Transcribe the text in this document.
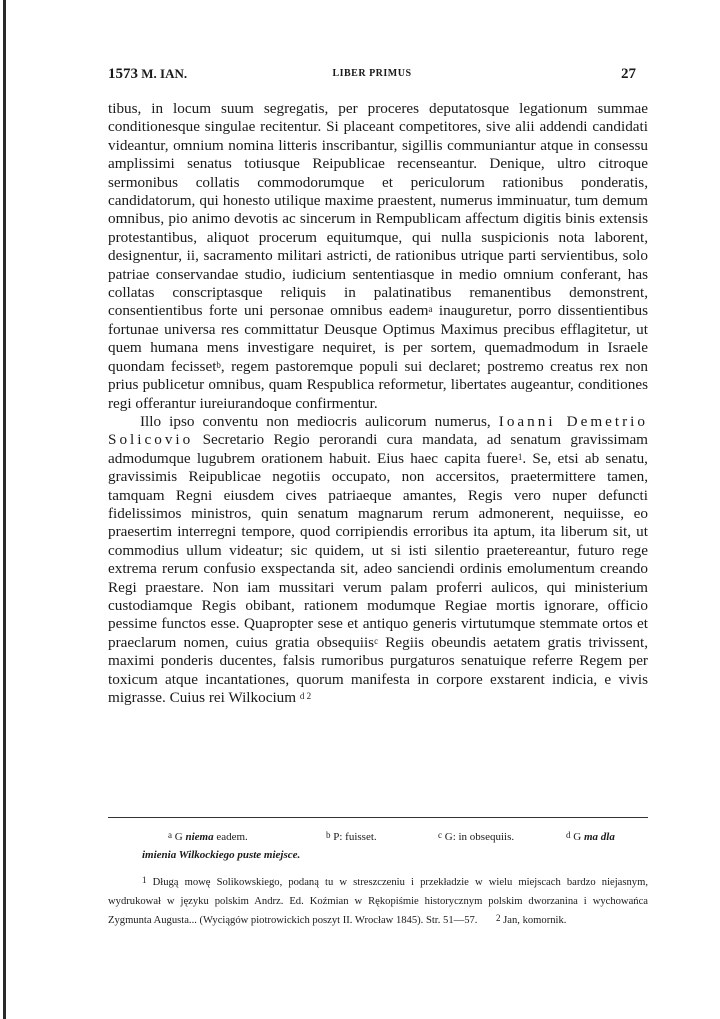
1573 M. IAN.	LIBER PRIMUS	27

tibus, in locum suum segregatis, per proceres deputatosque legationum summae conditionesque singulae recitentur. Si placeant competitores, sive alii addendi candidati videantur, omnium nomina litteris inscribantur, sigillis communiantur atque in consessu amplissimi senatus totiusque Reipublicae recenseantur. Denique, ultro citroque sermonibus collatis commodorumque et periculorum rationibus ponderatis, candidatorum, qui honesto utilique maxime praestent, numerus imminuatur, tum demum omnibus, pio animo devotis ac sincerum in Rempublicam affectum digitis binis extensis protestantibus, aliquot procerum equitumque, qui nulla suspicionis nota laborent, designentur, ii, sacramento militari astricti, de rationibus utrique parti servientibus, solo patriae conservandae studio, iudicium sententiasque in medio omnium conferant, has collatas conscriptasque reliquis in palatinatibus remanentibus demonstrent, consentientibus forte uni personae omnibus eadem$^a$ inauguretur, porro dissentientibus fortunae universa res committatur Deusque Optimus Maximus precibus efflagitetur, ut quem humana mens investigare nequiret, is per sortem, quemadmodum in Israele quondam fecisset$^b$, regem pastoremque populi sui declaret; postremo creatus rex non prius publicetur omnibus, quam Respublica reformetur, libertates augeantur, conditiones regi offerantur iureiurandoque confirmentur.

Illo ipso conventu non mediocris aulicorum numerus, Ioanni Demetrio Solicovio Secretario Regio perorandi cura mandata, ad senatum gravissimam admodumque lugubrem orationem habuit. Eius haec capita fuere$^1$. Se, etsi ab senatu, gravissimis Reipublicae negotiis occupato, non accersitos, praetermittere tamen, tamquam Regni eiusdem cives patriaeque amantes, Regis vero nuper defuncti fidelissimos ministros, quin senatum magnarum rerum admonerent, nequiisse, eo praesertim interregni tempore, quod corripiendis erroribus ita aptum, ita liberum sit, ut commodius ullum videatur; sic quidem, ut si isti silentio praetereantur, futuro rege extrema rerum confusio exspectanda sit, adeo sanciendi ordinis emolumentum creando Regi praestare. Non iam mussitari verum palam proferri aulicos, qui ministerium custodiamque Regis obibant, rationem modumque Regiae mortis ignorare, officio pessime functos esse. Quapropter sese et antiquo generis virtutumque stemmate ortos et praeclarum nomen, cuius gratia obsequiis$^c$ Regiis obeundis aetatem gratis trivissent, maximi ponderis ducentes, falsis rumoribus purgaturos senatuique referre Regem per toxicum atque incantationes, quorum manifesta in corpore exstarent indicia, e vivis migrasse. Cuius rei Wilkocium $^{d 2}$

$^a$ G niema eadem.	$^b$ P: fuisset.	$^c$ G: in obsequiis.	$^d$ G ma dla
imienia Wilkockiego puste miejsce.

$^1$ Długą mowę Solikowskiego, podaną tu w streszczeniu i przekładzie w wielu miejscach bardzo niejasnym, wydrukował w języku polskim Andrz. Ed. Koźmian w Rękopiśmie historycznym polskim dworzanina i wychowańca Zygmunta Augusta... (Wyciągów piotrowickich poszyt II. Wrocław 1845). Str. 51—57. $^2$ Jan, komornik.
